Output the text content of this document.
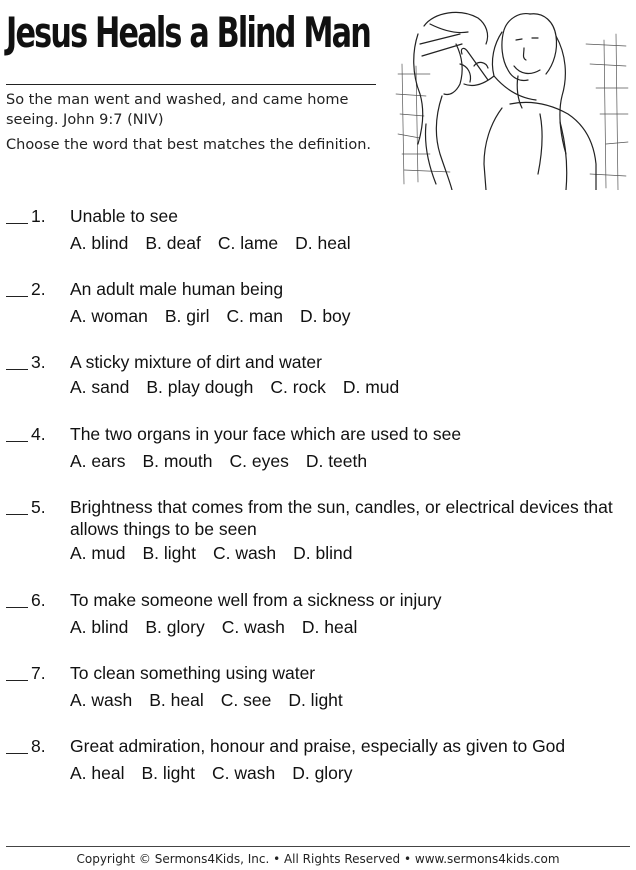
Jesus Heals a Blind Man

So the man went and washed, and came home seeing. John 9:7 (NIV)

Choose the word that best matches the definition.

1. Unable to see
A. blind B. deaf C. lame D. heal
2. An adult male human being
A. woman B. girl C. man D. boy
3. A sticky mixture of dirt and water
A. sand B. play dough C. rock D. mud
4. The two organs in your face which are used to see
A. ears B. mouth C. eyes D. teeth
5. Brightness that comes from the sun, candles, or electrical devices that allows things to be seen
A. mud B. light C. wash D. blind
6. To make someone well from a sickness or injury
A. blind B. glory C. wash D. heal
7. To clean something using water
A. wash B. heal C. see D. light
8. Great admiration, honour and praise, especially as given to God
A. heal B. light C. wash D. glory
Copyright © Sermons4Kids, Inc. • All Rights Reserved • www.sermons4kids.com
